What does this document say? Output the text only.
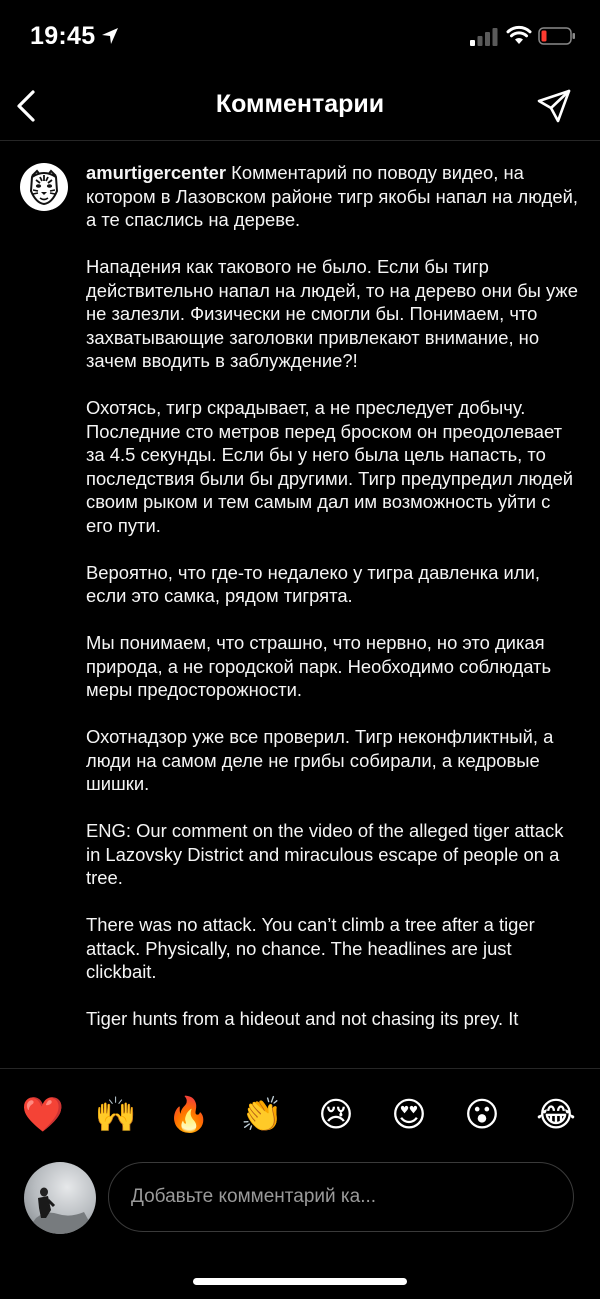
19:45
Комментарии

amurtigercenter Комментарий по поводу видео, на котором в Лазовском районе тигр якобы напал на людей, а те спаслись на дереве.

Нападения как такового не было. Если бы тигр действительно напал на людей, то на дерево они бы уже не залезли. Физически не смогли бы. Понимаем, что захватывающие заголовки привлекают внимание, но зачем вводить в заблуждение?!

Охотясь, тигр скрадывает, а не преследует добычу. Последние сто метров перед броском он преодолевает за 4.5 секунды. Если бы у него была цель напасть, то последствия были бы другими. Тигр предупредил людей своим рыком и тем самым дал им возможность уйти с его пути.

Вероятно, что где-то недалеко у тигра давленка или, если это самка, рядом тигрята.

Мы понимаем, что страшно, что нервно, но это дикая природа, а не городской парк. Необходимо соблюдать меры предосторожности.

Охотнадзор уже все проверил. Тигр неконфликтный, а люди на самом деле не грибы собирали, а кедровые шишки.

ENG: Our comment on the video of the alleged tiger attack in Lazovsky District and miraculous escape of people on a tree.

There was no attack. You can’t climb a tree after a tiger attack. Physically, no chance. The headlines are just clickbait.

Tiger hunts from a hideout and not chasing its prey. It

❤️ 🙌 🔥 👏 😢 😍 😮 😂
Добавьте комментарий ка...
